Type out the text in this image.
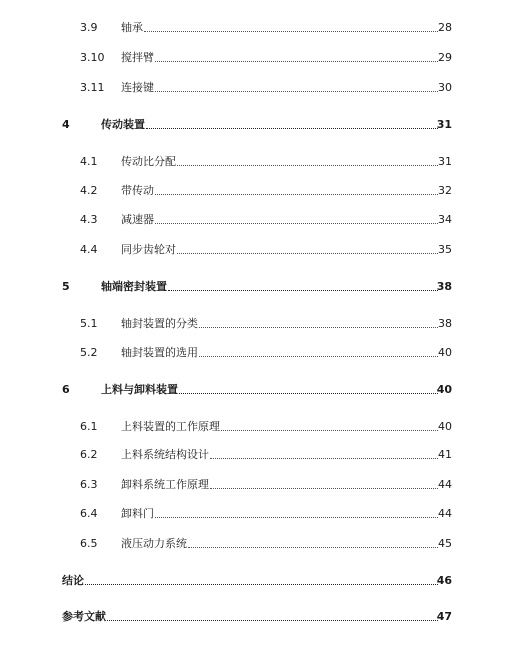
3.9 轴承	28
3.10 搅拌臂	29
3.11 连接键	30
4	传动装置	31
4.1 传动比分配	31
4.2 带传动	32
4.3 减速器	34
4.4 同步齿轮对	35
5	轴端密封装置	38
5.1 轴封装置的分类	38
5.2 轴封装置的选用	40
6	上料与卸料装置	40
6.1 上料装置的工作原理	40
6.2 上料系统结构设计	41
6.3 卸料系统工作原理	44
6.4 卸料门	44
6.5 液压动力系统	45
结论	46
参考文献	47
